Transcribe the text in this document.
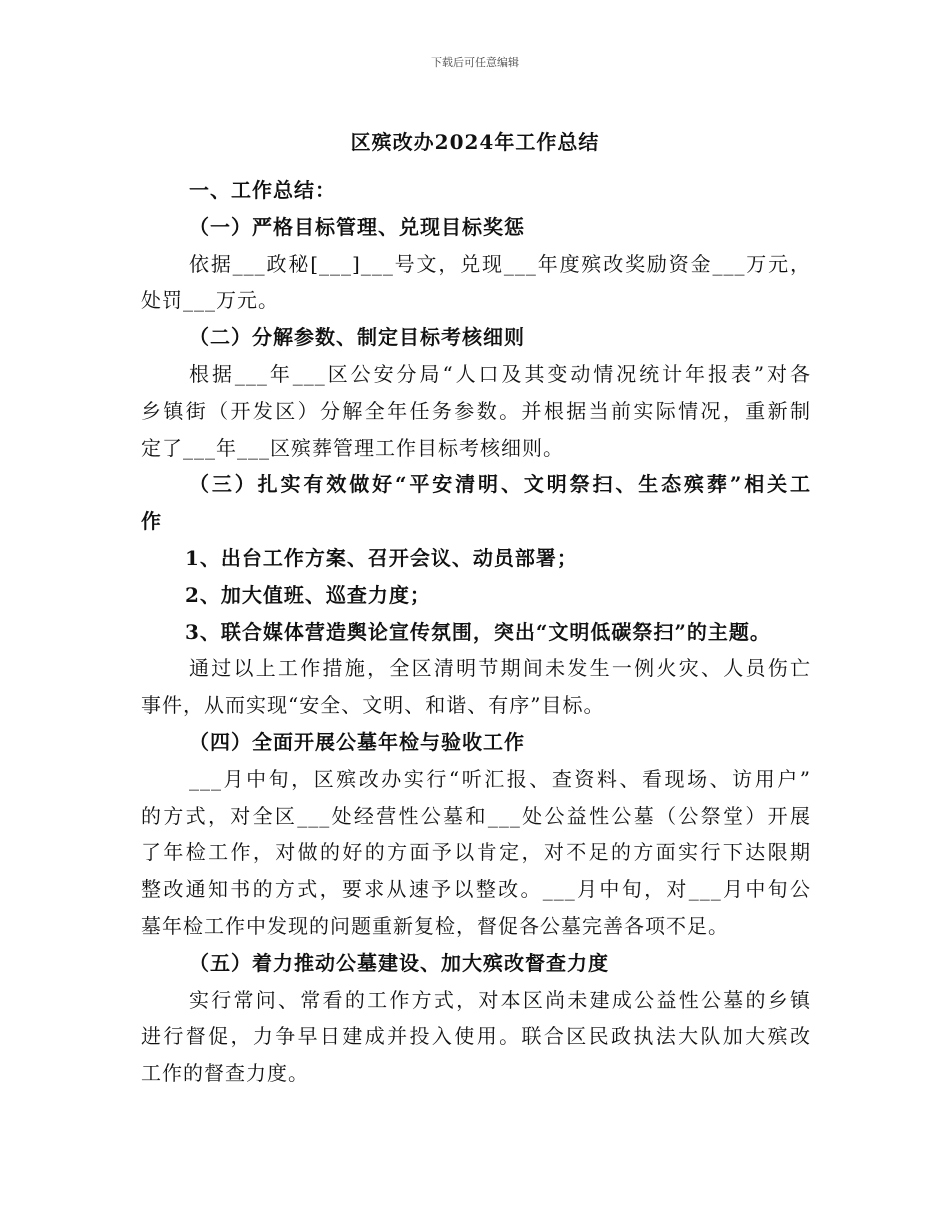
下载后可任意编辑
区殡改办2024年工作总结
一、工作总结：
（一）严格目标管理、兑现目标奖惩
依据___政秘[___]___号文，兑现___年度殡改奖励资金___万元，
处罚___万元。
（二）分解参数、制定目标考核细则
根据___年___区公安分局“人口及其变动情况统计年报表”对各
乡镇街（开发区）分解全年任务参数。并根据当前实际情况，重新制
定了___年___区殡葬管理工作目标考核细则。
（三）扎实有效做好“平安清明、文明祭扫、生态殡葬”相关工
作
1、出台工作方案、召开会议、动员部署；
2、加大值班、巡查力度；
3、联合媒体营造舆论宣传氛围，突出“文明低碳祭扫”的主题。
通过以上工作措施，全区清明节期间未发生一例火灾、人员伤亡
事件，从而实现“安全、文明、和谐、有序”目标。
（四）全面开展公墓年检与验收工作
___月中旬，区殡改办实行“听汇报、查资料、看现场、访用户”
的方式，对全区___处经营性公墓和___处公益性公墓（公祭堂）开展
了年检工作，对做的好的方面予以肯定，对不足的方面实行下达限期
整改通知书的方式，要求从速予以整改。___月中旬，对___月中旬公
墓年检工作中发现的问题重新复检，督促各公墓完善各项不足。
（五）着力推动公墓建设、加大殡改督查力度
实行常问、常看的工作方式，对本区尚未建成公益性公墓的乡镇
进行督促，力争早日建成并投入使用。联合区民政执法大队加大殡改
工作的督查力度。
